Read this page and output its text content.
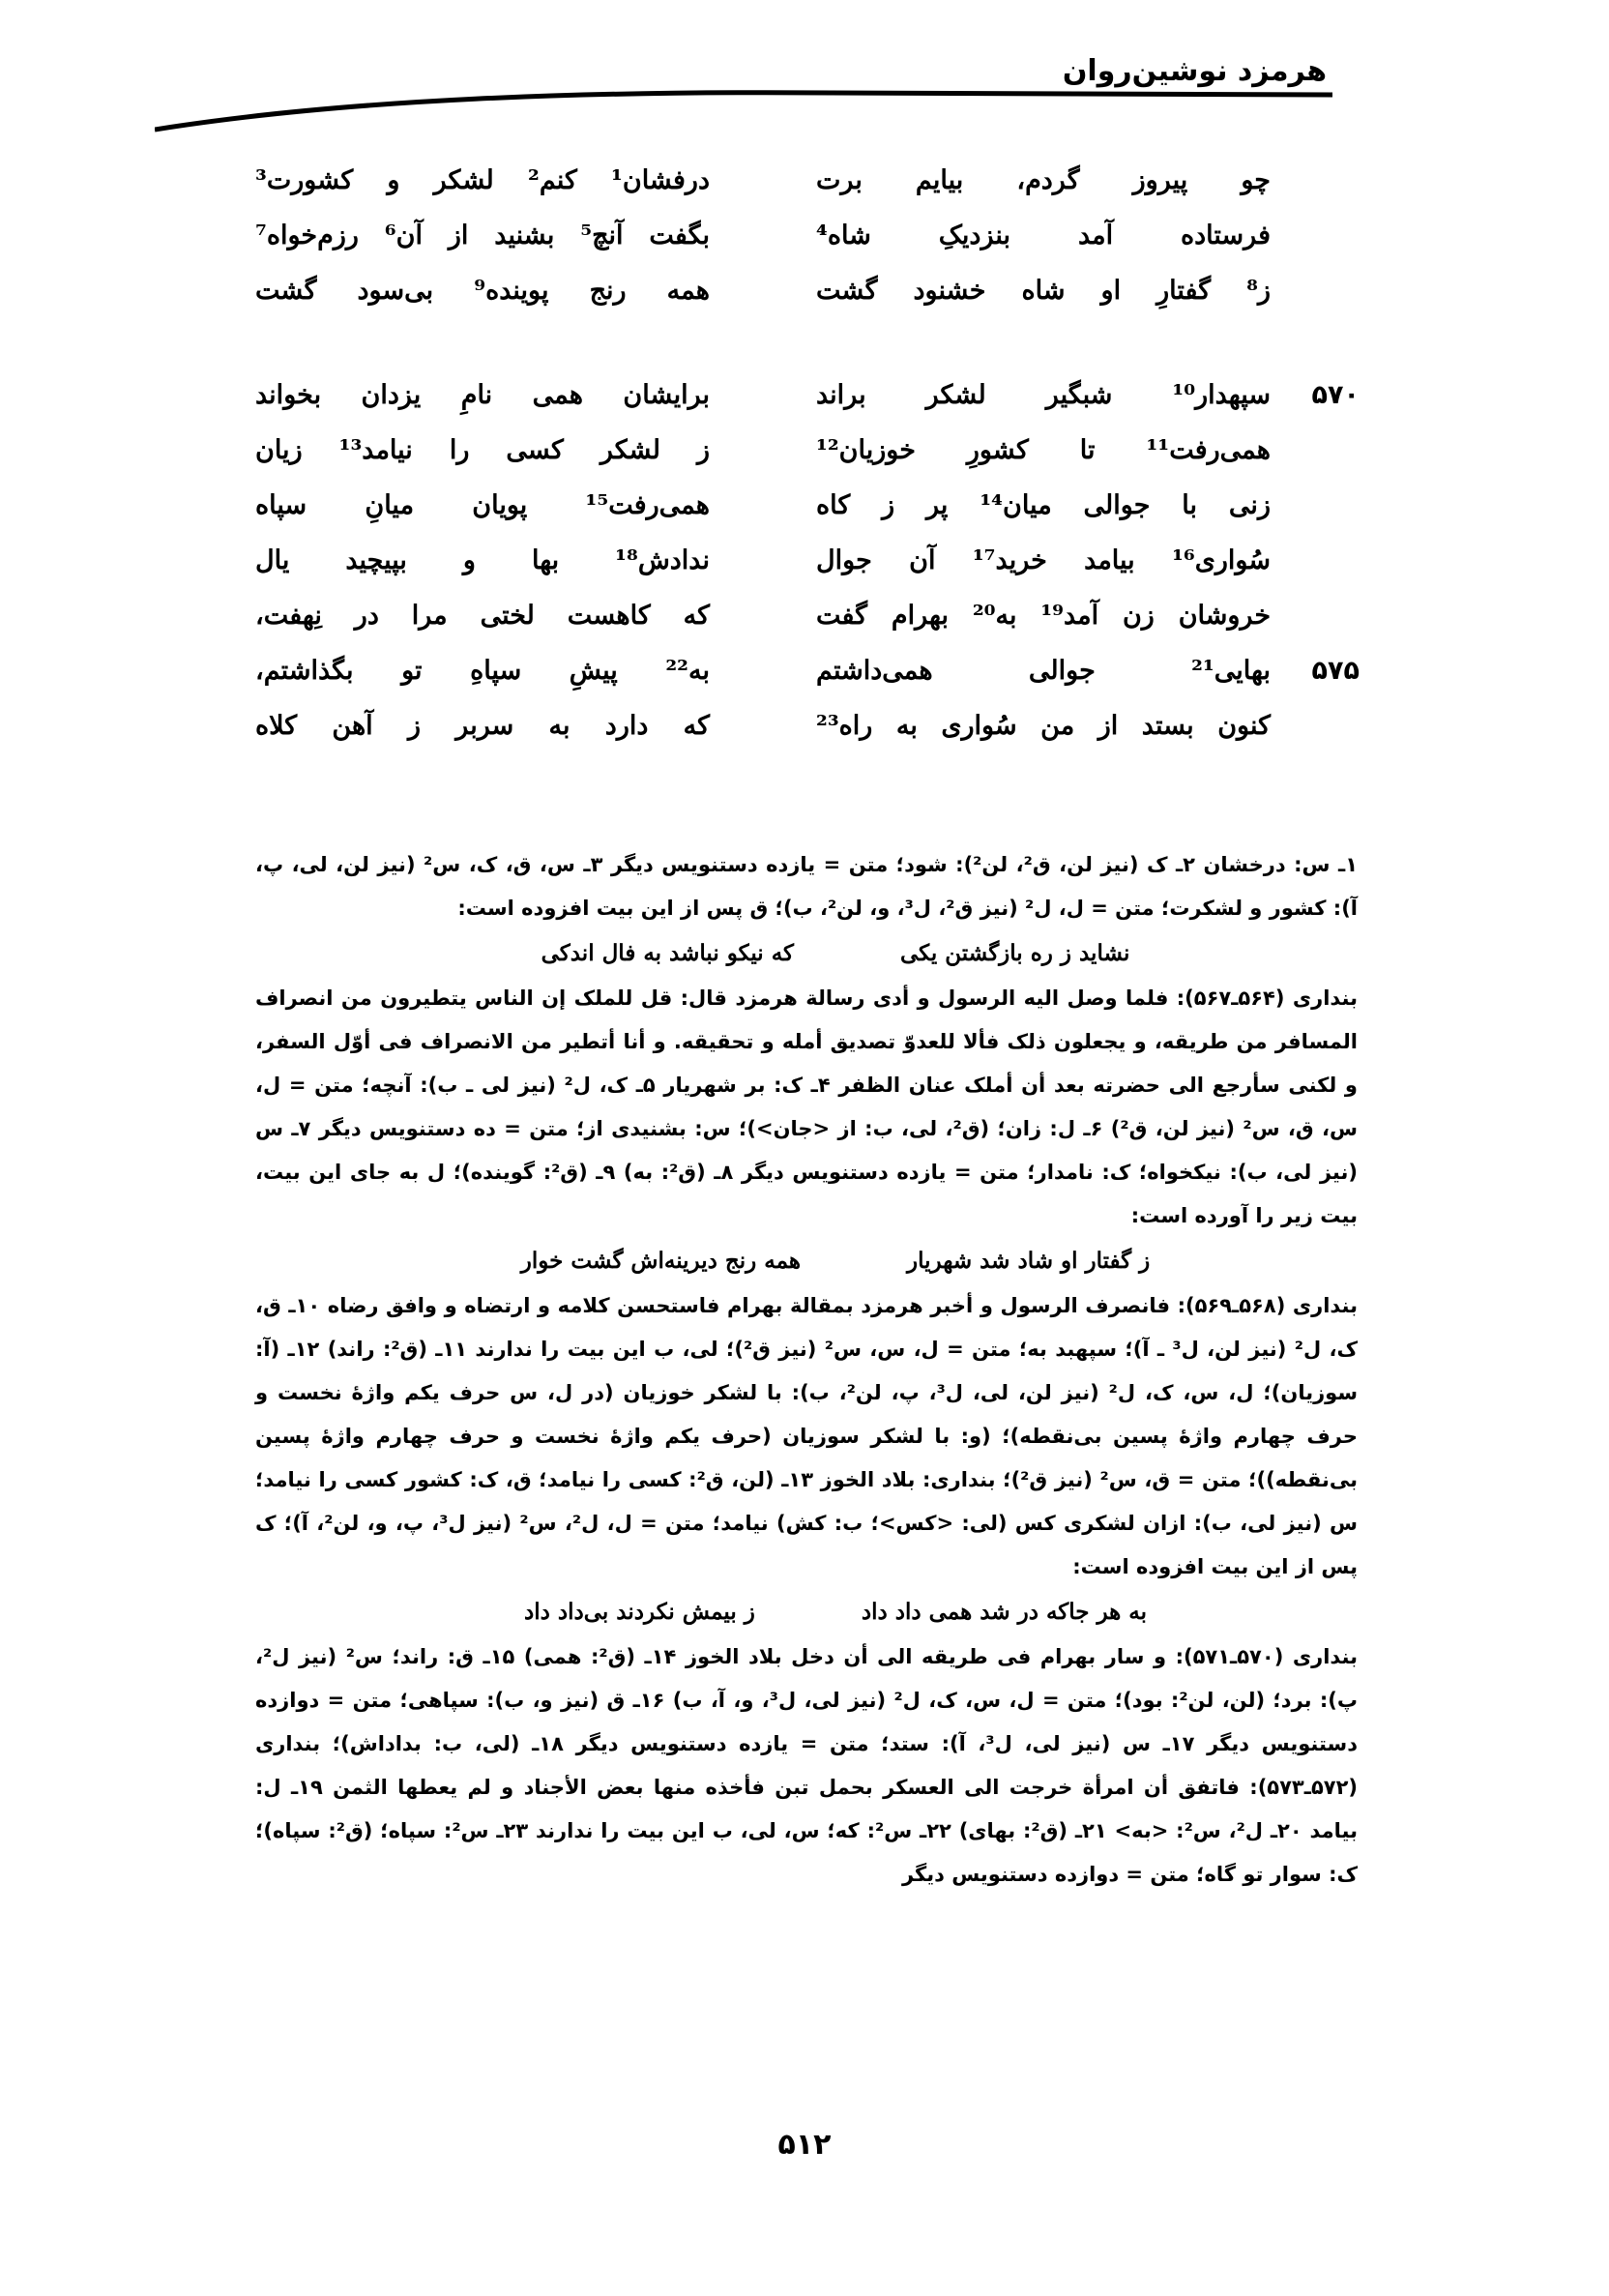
هرمزد نوشین‌روان
چو پیروز گردم، بیایم برت
درفشان¹ کنم² لشکر و کشورت³
فرستاده آمد بنزدیکِ شاه⁴
بگفت آنچ⁵ بشنید از آن⁶ رزم‌خواه⁷
ز⁸ گفتارِ او شاه خشنود گشت
همه رنج پوینده⁹ بی‌سود گشت
۵۷۰
سپهدار¹⁰ شبگیر لشکر براند
برایشان همی نامِ یزدان بخواند
همی‌رفت¹¹ تا کشورِ خوزیان¹²
ز لشکر کسی را نیامد¹³ زیان
زنی با جوالی میان¹⁴ پر ز کاه
همی‌رفت¹⁵ پویان میانِ سپاه
سُواری¹⁶ بیامد خرید¹⁷ آن جوال
ندادش¹⁸ بها و بپیچید یال
خروشان زن آمد¹⁹ به²⁰ بهرام گفت
که کاهست لختی مرا در نِهفت،
۵۷۵
بهایی²¹ جوالی همی‌داشتم
به²² پیشِ سپاهِ تو بگذاشتم،
کنون بستد از من سُواری به راه²³
که دارد به سربر ز آهن کلاه

۱ـ س: درخشان ۲ـ ک (نیز لن، ق²، لن²): شود؛ متن = یازده دستنویس دیگر ۳ـ س، ق، ک، س² (نیز لن، لی، پ، آ): کشور و لشکرت؛ متن = ل، ل² (نیز ق²، ل³، و، لن²، ب)؛ ق پس از این بیت افزوده است:

نشاید ز ره بازگشتن یکی
که نیکو نباشد به فال اندکی

بنداری (۵۶۴ـ۵۶۷): فلما وصل الیه الرسول و أدی رسالة هرمزد قال: قل للملک إن الناس یتطیرون من انصراف المسافر من طریقه، و یجعلون ذلک فألا للعدوّ تصدیق أمله و تحقیقه. و أنا أتطیر من الانصراف فی أوّل السفر، و لکنی سأرجع الی حضرته بعد أن أملک عنان الظفر ۴ـ ک: بر شهریار ۵ـ ک، ل² (نیز لی ـ ب): آنچه؛ متن = ل، س، ق، س² (نیز لن، ق²) ۶ـ ل: زان؛ (ق²، لی، ب: از <جان>)؛ س: بشنیدی از؛ متن = ده دستنویس دیگر ۷ـ س (نیز لی، ب): نیکخواه؛ ک: نامدار؛ متن = یازده دستنویس دیگر ۸ـ (ق²: به) ۹ـ (ق²: گوینده)؛ ل به جای این بیت، بیت زیر را آورده است:

ز گفتار او شاد شد شهریار
همه رنج دیرینه‌اش گشت خوار

بنداری (۵۶۸ـ۵۶۹): فانصرف الرسول و أخبر هرمزد بمقالة بهرام فاستحسن کلامه و ارتضاه و وافق رضاه ۱۰ـ ق، ک، ل² (نیز لن، ل³ ـ آ)؛ سپهبد به؛ متن = ل، س، س² (نیز ق²)؛ لی، ب این بیت را ندارند ۱۱ـ (ق²: راند) ۱۲ـ (آ: سوزیان)؛ ل، س، ک، ل² (نیز لن، لی، ل³، پ، لن²، ب): با لشکر خوزیان (در ل، س حرف یکم واژهٔ نخست و حرف چهارم واژهٔ پسین بی‌نقطه)؛ (و: با لشکر سوزیان (حرف یکم واژهٔ نخست و حرف چهارم واژهٔ پسین بی‌نقطه))؛ متن = ق، س² (نیز ق²)؛ بنداری: بلاد الخوز ۱۳ـ (لن، ق²: کسی را نیامد؛ ق، ک: کشور کسی را نیامد؛ س (نیز لی، ب): ازان لشکری کس (لی: <کس>؛ ب: کش) نیامد؛ متن = ل، ل²، س² (نیز ل³، پ، و، لن²، آ)؛ ک پس از این بیت افزوده است:

به هر جاکه در شد همی داد داد
ز بیمش نکردند بی‌داد داد

بنداری (۵۷۰ـ۵۷۱): و سار بهرام فی طریقه الی أن دخل بلاد الخوز ۱۴ـ (ق²: همی) ۱۵ـ ق: راند؛ س² (نیز ل²، پ): برد؛ (لن، لن²: بود)؛ متن = ل، س، ک، ل² (نیز لی، ل³، و، آ، ب) ۱۶ـ ق (نیز و، ب): سپاهی؛ متن = دوازده دستنویس دیگر ۱۷ـ س (نیز لی، ل³، آ): ستد؛ متن = یازده دستنویس دیگر ۱۸ـ (لی، ب: بداداش)؛ بنداری (۵۷۲ـ۵۷۳): فاتفق أن امرأة خرجت الی العسکر بحمل تبن فأخذه منها بعض الأجناد و لم یعطها الثمن ۱۹ـ ل: بیامد ۲۰ـ ل²، س²: <به> ۲۱ـ (ق²: بهای) ۲۲ـ س²: که؛ س، لی، ب این بیت را ندارند ۲۳ـ س²: سپاه؛ (ق²: سپاه)؛ ک: سوار تو گاه؛ متن = دوازده دستنویس دیگر

۵۱۲
